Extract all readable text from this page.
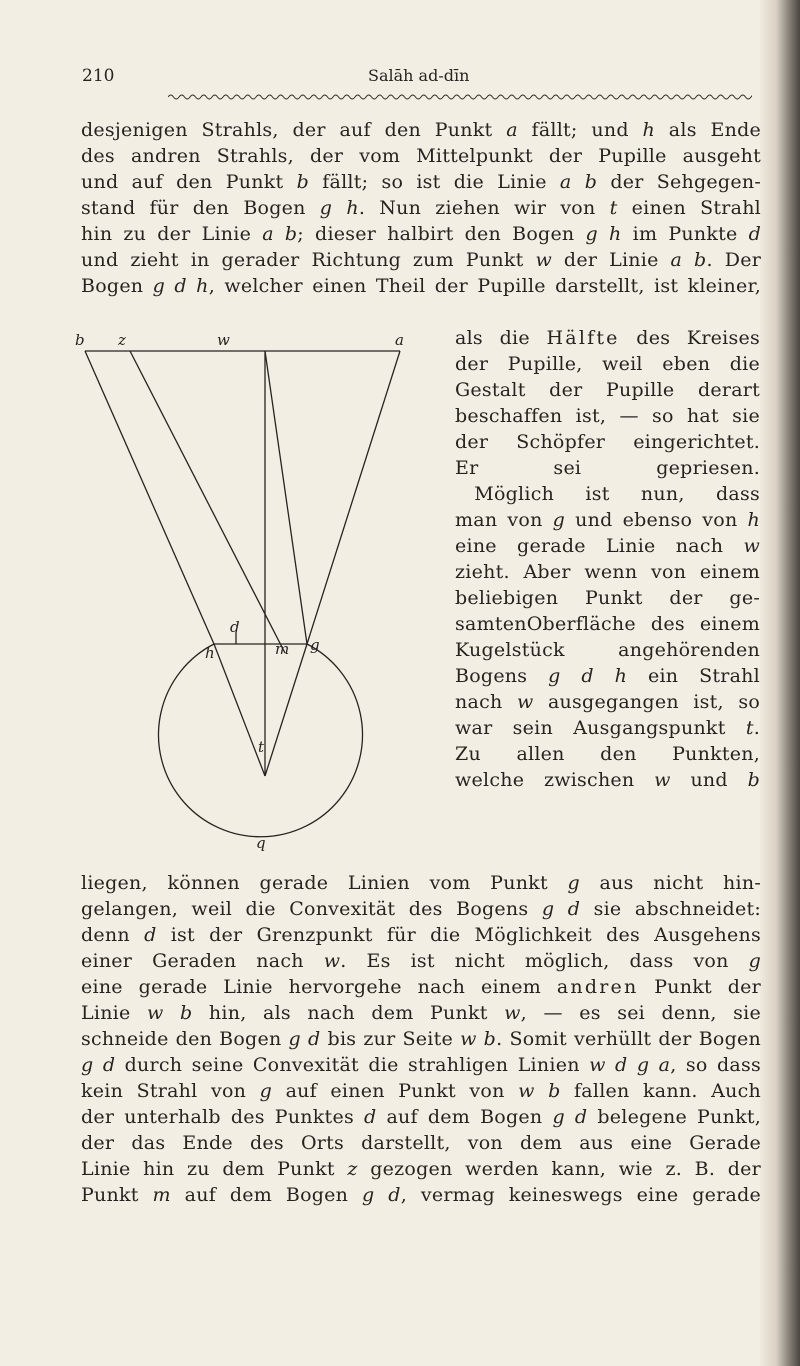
210	Salāh ad-dīn
desjenigen Strahls, der auf den Punkt a fällt; und h als Ende
des andren Strahls, der vom Mittelpunkt der Pupille ausgeht
und auf den Punkt b fällt; so ist die Linie a b der Sehgegen-
stand für den Bogen g h. Nun ziehen wir von t einen Strahl
hin zu der Linie a b; dieser halbirt den Bogen g h im Punkte d
und zieht in gerader Richtung zum Punkt w der Linie a b. Der
Bogen g d h, welcher einen Theil der Pupille darstellt, ist kleiner,
b z	w	a
h
d
m g
t
q
als die Hälfte des Kreises
der Pupille, weil eben die
Gestalt der Pupille derart
beschaffen ist, — so hat sie
der Schöpfer eingerichtet.
Er sei gepriesen.
 Möglich ist nun, dass
man von g und ebenso von h
eine gerade Linie nach w
zieht. Aber wenn von einem
beliebigen Punkt der ge-
samtenOberfläche des einem
Kugelstück angehörenden
Bogens g d h ein Strahl
nach w ausgegangen ist, so
war sein Ausgangspunkt t.
Zu allen den Punkten,
welche zwischen w und b
liegen, können gerade Linien vom Punkt g aus nicht hin-
gelangen, weil die Convexität des Bogens g d sie abschneidet:
denn d ist der Grenzpunkt für die Möglichkeit des Ausgehens
einer Geraden nach w. Es ist nicht möglich, dass von g
eine gerade Linie hervorgehe nach einem andren Punkt der
Linie w b hin, als nach dem Punkt w, — es sei denn, sie
schneide den Bogen g d bis zur Seite w b. Somit verhüllt der Bogen
g d durch seine Convexität die strahligen Linien w d g a, so dass
kein Strahl von g auf einen Punkt von w b fallen kann. Auch
der unterhalb des Punktes d auf dem Bogen g d belegene Punkt,
der das Ende des Orts darstellt, von dem aus eine Gerade
Linie hin zu dem Punkt z gezogen werden kann, wie z. B. der
Punkt m auf dem Bogen g d, vermag keineswegs eine gerade
